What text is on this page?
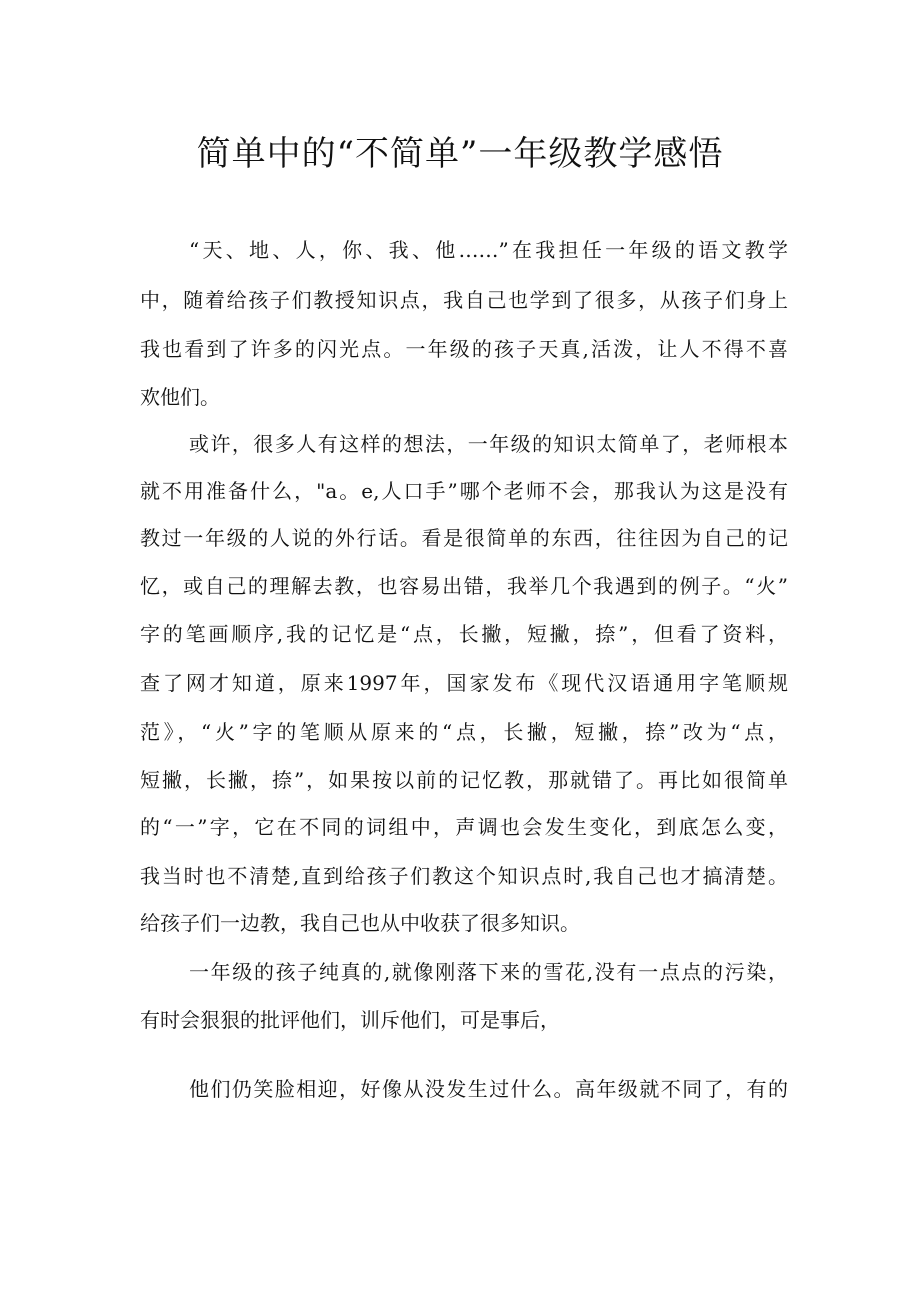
简单中的“不简单”一年级教学感悟
“天、地、人，你、我、他……”在我担任一年级的语文教学
中，随着给孩子们教授知识点，我自己也学到了很多，从孩子们身上
我也看到了许多的闪光点。一年级的孩子天真,活泼，让人不得不喜
欢他们。
或许，很多人有这样的想法，一年级的知识太简单了，老师根本
就不用准备什么，"a。e,人口手”哪个老师不会，那我认为这是没有
教过一年级的人说的外行话。看是很简单的东西，往往因为自己的记
忆，或自己的理解去教，也容易出错，我举几个我遇到的例子。“火”
字的笔画顺序,我的记忆是“点，长撇，短撇，捺”，但看了资料，
查了网才知道，原来1997年，国家发布《现代汉语通用字笔顺规
范》，“火”字的笔顺从原来的“点，长撇，短撇，捺”改为“点，
短撇，长撇，捺”，如果按以前的记忆教，那就错了。再比如很简单
的“一”字，它在不同的词组中，声调也会发生变化，到底怎么变，
我当时也不清楚,直到给孩子们教这个知识点时,我自己也才搞清楚。
给孩子们一边教，我自己也从中收获了很多知识。
一年级的孩子纯真的,就像刚落下来的雪花,没有一点点的污染，
有时会狠狠的批评他们，训斥他们，可是事后，
他们仍笑脸相迎，好像从没发生过什么。高年级就不同了，有的
